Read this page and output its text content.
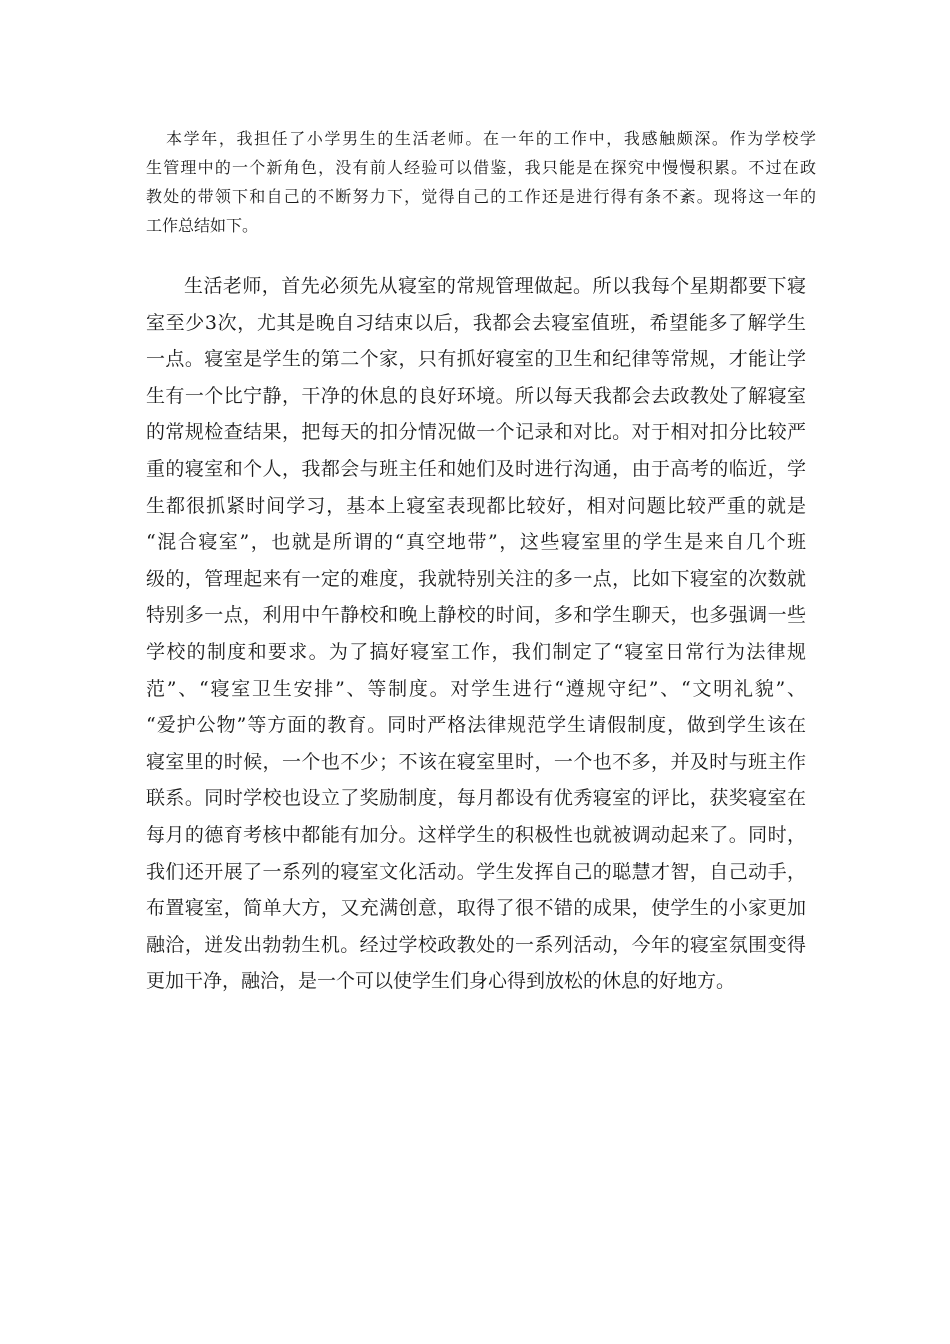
本学年，我担任了小学男生的生活老师。在一年的工作中，我感触颇深。作为学校学
生管理中的一个新角色，没有前人经验可以借鉴，我只能是在探究中慢慢积累。不过在政
教处的带领下和自己的不断努力下，觉得自己的工作还是进行得有条不紊。现将这一年的
工作总结如下。
生活老师，首先必须先从寝室的常规管理做起。所以我每个星期都要下寝
室至少3次，尤其是晚自习结束以后，我都会去寝室值班，希望能多了解学生
一点。寝室是学生的第二个家，只有抓好寝室的卫生和纪律等常规，才能让学
生有一个比宁静，干净的休息的良好环境。所以每天我都会去政教处了解寝室
的常规检查结果，把每天的扣分情况做一个记录和对比。对于相对扣分比较严
重的寝室和个人，我都会与班主任和她们及时进行沟通，由于高考的临近，学
生都很抓紧时间学习，基本上寝室表现都比较好，相对问题比较严重的就是
“混合寝室”，也就是所谓的“真空地带”，这些寝室里的学生是来自几个班
级的，管理起来有一定的难度，我就特别关注的多一点，比如下寝室的次数就
特别多一点，利用中午静校和晚上静校的时间，多和学生聊天，也多强调一些
学校的制度和要求。为了搞好寝室工作，我们制定了“寝室日常行为法律规
范”、“寝室卫生安排”、等制度。对学生进行“遵规守纪”、“文明礼貌”、
“爱护公物”等方面的教育。同时严格法律规范学生请假制度，做到学生该在
寝室里的时候，一个也不少；不该在寝室里时，一个也不多，并及时与班主作
联系。同时学校也设立了奖励制度，每月都设有优秀寝室的评比，获奖寝室在
每月的德育考核中都能有加分。这样学生的积极性也就被调动起来了。同时，
我们还开展了一系列的寝室文化活动。学生发挥自己的聪慧才智，自己动手，
布置寝室，简单大方，又充满创意，取得了很不错的成果，使学生的小家更加
融洽，迸发出勃勃生机。经过学校政教处的一系列活动，今年的寝室氛围变得
更加干净，融洽，是一个可以使学生们身心得到放松的休息的好地方。
